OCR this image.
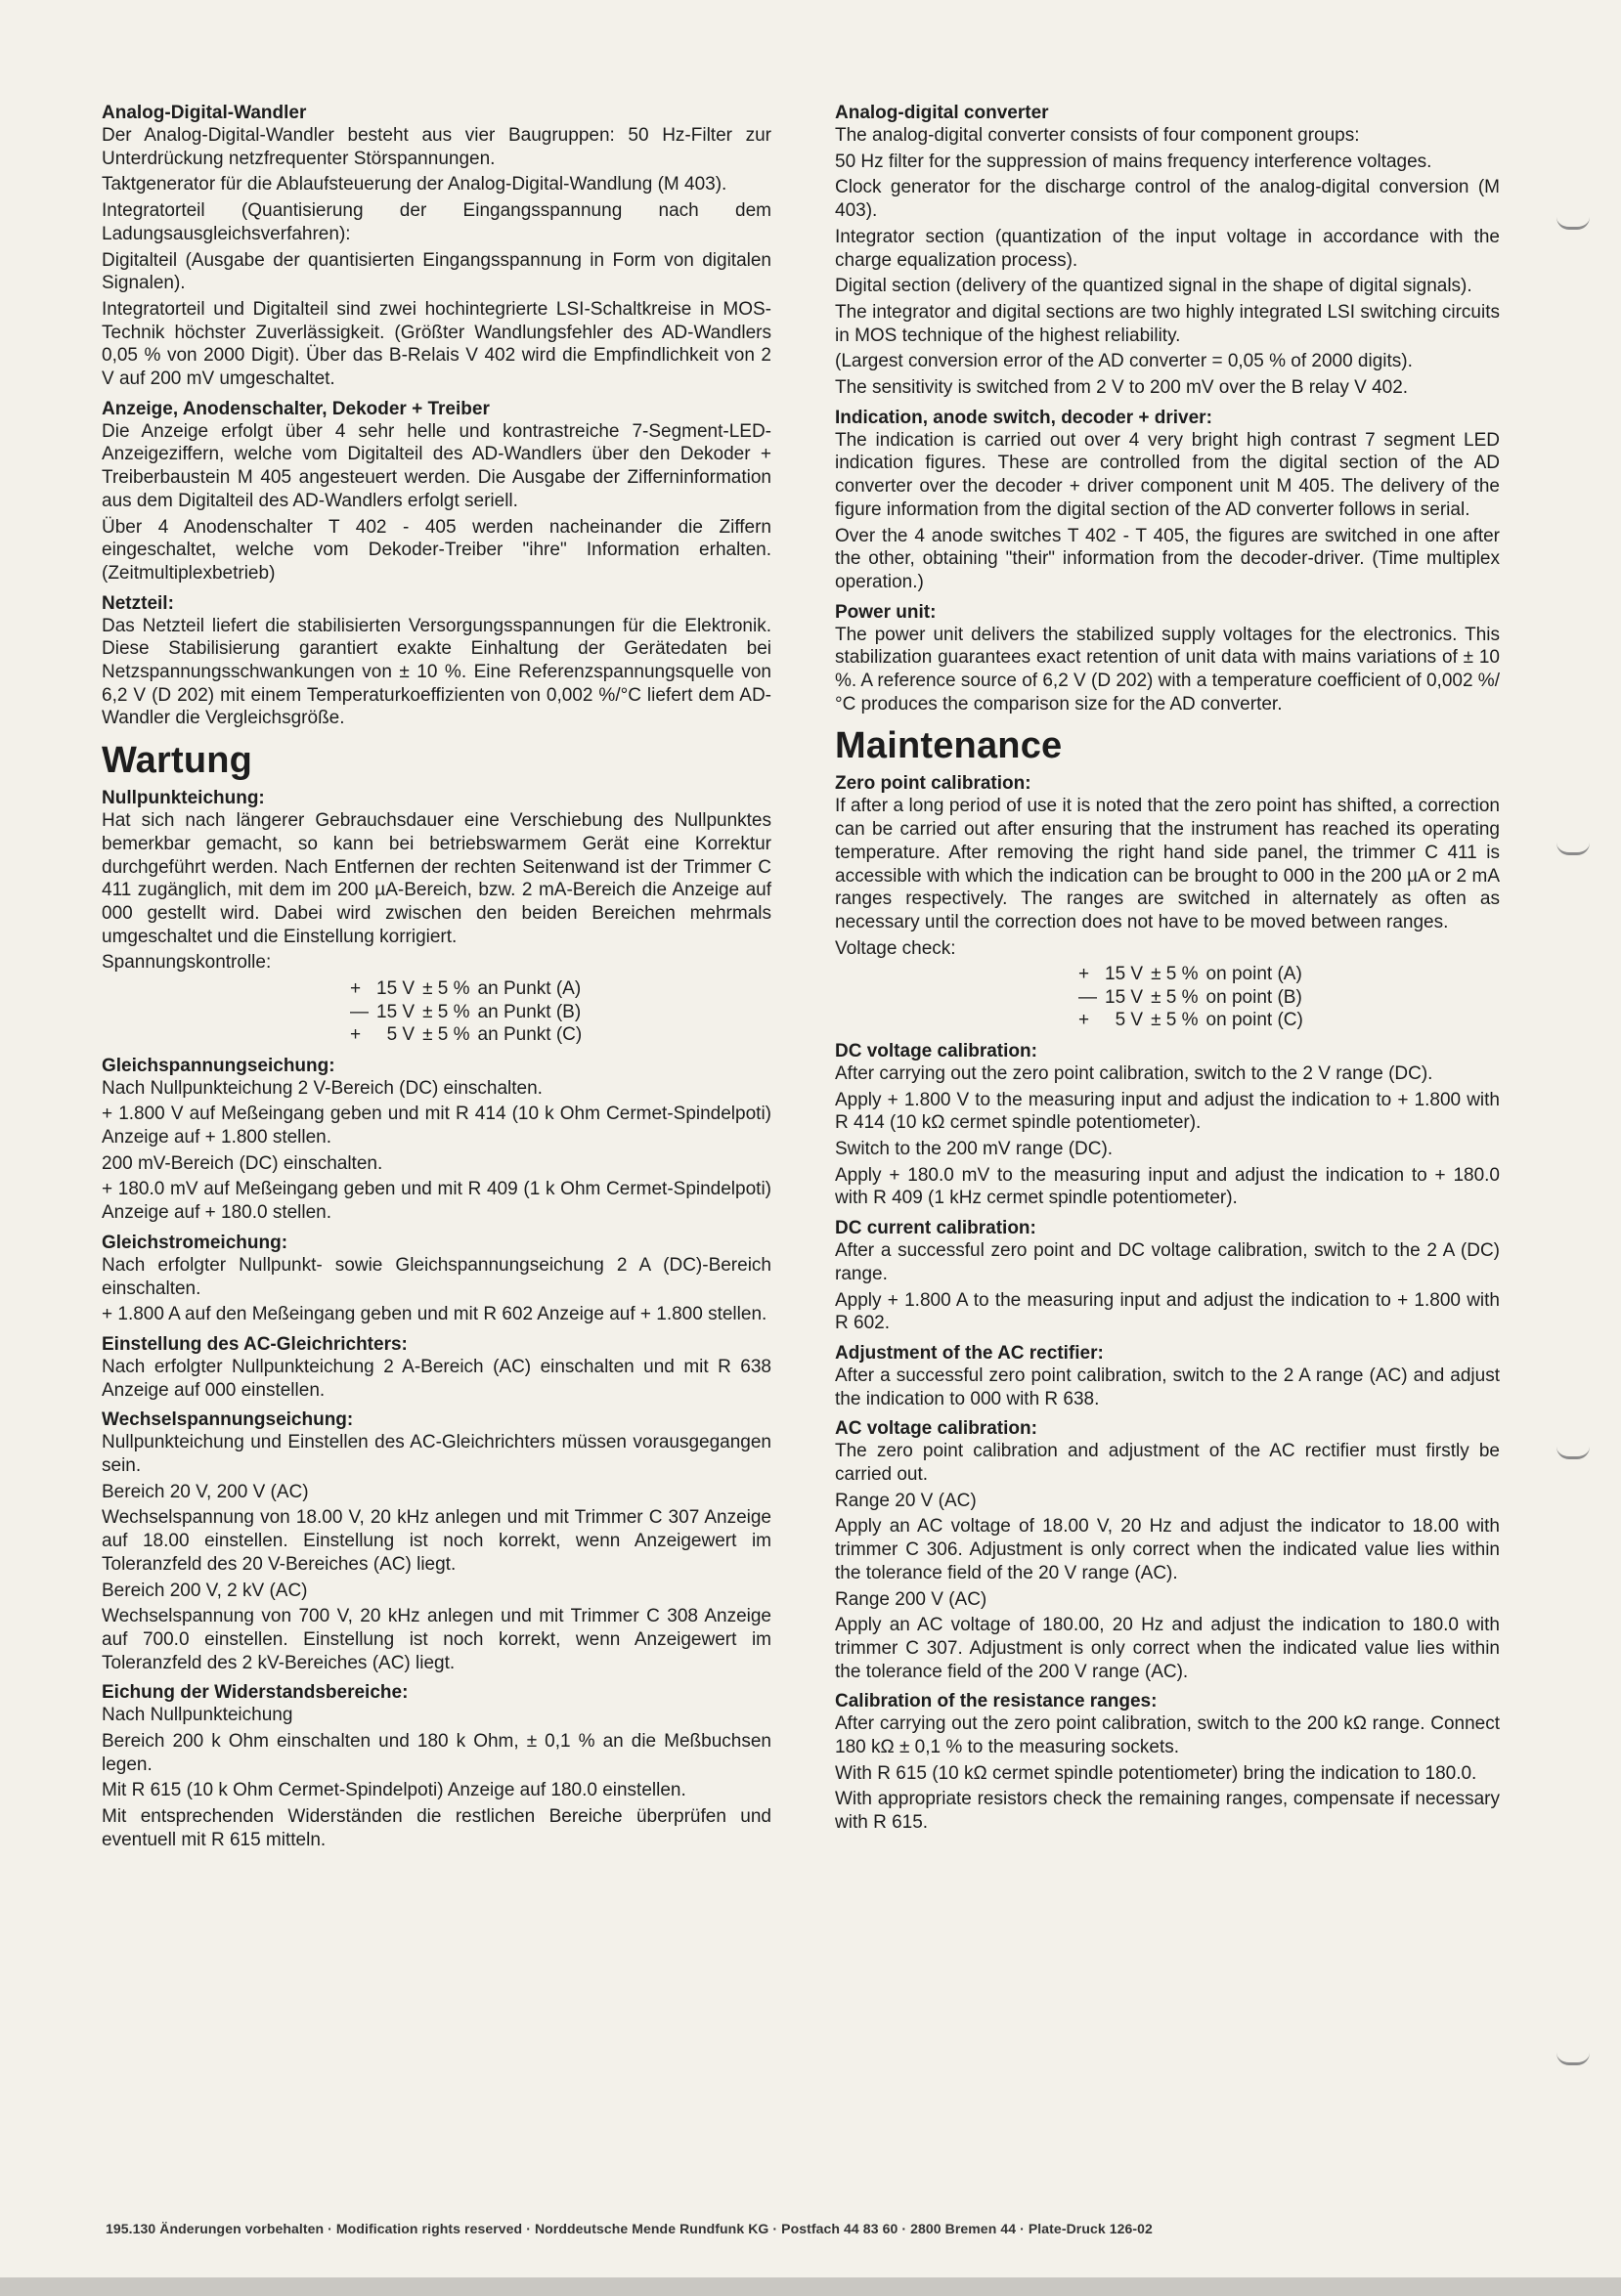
Analog-Digital-Wandler

Der Analog-Digital-Wandler besteht aus vier Baugruppen: 50 Hz-Filter zur Unterdrückung netzfrequenter Störspannungen.

Taktgenerator für die Ablaufsteuerung der Analog-Digital-Wandlung (M 403).

Integratorteil (Quantisierung der Eingangsspannung nach dem Ladungsausgleichsverfahren):

Digitalteil (Ausgabe der quantisierten Eingangsspannung in Form von digitalen Signalen).

Integratorteil und Digitalteil sind zwei hochintegrierte LSI-Schaltkreise in MOS-Technik höchster Zuverlässigkeit. (Größter Wandlungsfehler des AD-Wandlers 0,05 % von 2000 Digit). Über das B-Relais V 402 wird die Empfindlichkeit von 2 V auf 200 mV umgeschaltet.

Anzeige, Anodenschalter, Dekoder + Treiber

Die Anzeige erfolgt über 4 sehr helle und kontrastreiche 7-Segment-LED-Anzeigeziffern, welche vom Digitalteil des AD-Wandlers über den Dekoder + Treiberbaustein M 405 angesteuert werden. Die Ausgabe der Zifferninformation aus dem Digitalteil des AD-Wandlers erfolgt seriell.

Über 4 Anodenschalter T 402 - 405 werden nacheinander die Ziffern eingeschaltet, welche vom Dekoder-Treiber "ihre" Information erhalten. (Zeitmultiplexbetrieb)

Netzteil:

Das Netzteil liefert die stabilisierten Versorgungsspannungen für die Elektronik. Diese Stabilisierung garantiert exakte Einhaltung der Gerätedaten bei Netzspannungsschwankungen von ± 10 %. Eine Referenzspannungsquelle von 6,2 V (D 202) mit einem Temperaturkoeffizienten von 0,002 %/°C liefert dem AD-Wandler die Vergleichsgröße.

Wartung
Nullpunkteichung:

Hat sich nach längerer Gebrauchsdauer eine Verschiebung des Nullpunktes bemerkbar gemacht, so kann bei betriebswarmem Gerät eine Korrektur durchgeführt werden. Nach Entfernen der rechten Seitenwand ist der Trimmer C 411 zugänglich, mit dem im 200 µA-Bereich, bzw. 2 mA-Bereich die Anzeige auf 000 gestellt wird. Dabei wird zwischen den beiden Bereichen mehrmals umgeschaltet und die Einstellung korrigiert.

Spannungskontrolle:

+	15 V	± 5 %	an Punkt (A)
—	15 V	± 5 %	an Punkt (B)
+	5 V	± 5 %	an Punkt (C)
Gleichspannungseichung:

Nach Nullpunkteichung 2 V-Bereich (DC) einschalten.

+ 1.800 V auf Meßeingang geben und mit R 414 (10 k Ohm Cermet-Spindelpoti) Anzeige auf + 1.800 stellen.

200 mV-Bereich (DC) einschalten.

+ 180.0 mV auf Meßeingang geben und mit R 409 (1 k Ohm Cermet-Spindelpoti) Anzeige auf + 180.0 stellen.

Gleichstromeichung:

Nach erfolgter Nullpunkt- sowie Gleichspannungseichung 2 A (DC)-Bereich einschalten.

+ 1.800 A auf den Meßeingang geben und mit R 602 Anzeige auf + 1.800 stellen.

Einstellung des AC-Gleichrichters:

Nach erfolgter Nullpunkteichung 2 A-Bereich (AC) einschalten und mit R 638 Anzeige auf 000 einstellen.

Wechselspannungseichung:

Nullpunkteichung und Einstellen des AC-Gleichrichters müssen vorausgegangen sein.

Bereich 20 V, 200 V (AC)

Wechselspannung von 18.00 V, 20 kHz anlegen und mit Trimmer C 307 Anzeige auf 18.00 einstellen. Einstellung ist noch korrekt, wenn Anzeigewert im Toleranzfeld des 20 V-Bereiches (AC) liegt.

Bereich 200 V, 2 kV (AC)

Wechselspannung von 700 V, 20 kHz anlegen und mit Trimmer C 308 Anzeige auf 700.0 einstellen. Einstellung ist noch korrekt, wenn Anzeigewert im Toleranzfeld des 2 kV-Bereiches (AC) liegt.

Eichung der Widerstandsbereiche:

Nach Nullpunkteichung

Bereich 200 k Ohm einschalten und 180 k Ohm, ± 0,1 % an die Meßbuchsen legen.

Mit R 615 (10 k Ohm Cermet-Spindelpoti) Anzeige auf 180.0 einstellen.

Mit entsprechenden Widerständen die restlichen Bereiche überprüfen und eventuell mit R 615 mitteln.

Analog-digital converter

The analog-digital converter consists of four component groups:

50 Hz filter for the suppression of mains frequency interference voltages.

Clock generator for the discharge control of the analog-digital conversion (M 403).

Integrator section (quantization of the input voltage in accordance with the charge equalization process).

Digital section (delivery of the quantized signal in the shape of digital signals).

The integrator and digital sections are two highly integrated LSI switching circuits in MOS technique of the highest reliability.

(Largest conversion error of the AD converter = 0,05 % of 2000 digits).

The sensitivity is switched from 2 V to 200 mV over the B relay V 402.

Indication, anode switch, decoder + driver:

The indication is carried out over 4 very bright high contrast 7 segment LED indication figures. These are controlled from the digital section of the AD converter over the decoder + driver component unit M 405. The delivery of the figure information from the digital section of the AD converter follows in serial.

Over the 4 anode switches T 402 - T 405, the figures are switched in one after the other, obtaining "their" information from the decoder-driver. (Time multiplex operation.)

Power unit:

The power unit delivers the stabilized supply voltages for the electronics. This stabilization guarantees exact retention of unit data with mains variations of ± 10 %. A reference source of 6,2 V (D 202) with a temperature coefficient of 0,002 %/°C produces the comparison size for the AD converter.

Maintenance
Zero point calibration:

If after a long period of use it is noted that the zero point has shifted, a correction can be carried out after ensuring that the instrument has reached its operating temperature. After removing the right hand side panel, the trimmer C 411 is accessible with which the indication can be brought to 000 in the 200 µA or 2 mA ranges respectively. The ranges are switched in alternately as often as necessary until the correction does not have to be moved between ranges.

Voltage check:

+	15 V	± 5 %	on point (A)
—	15 V	± 5 %	on point (B)
+	5 V	± 5 %	on point (C)
DC voltage calibration:

After carrying out the zero point calibration, switch to the 2 V range (DC).

Apply + 1.800 V to the measuring input and adjust the indication to + 1.800 with R 414 (10 kΩ cermet spindle potentiometer).

Switch to the 200 mV range (DC).

Apply + 180.0 mV to the measuring input and adjust the indication to + 180.0 with R 409 (1 kHz cermet spindle potentiometer).

DC current calibration:

After a successful zero point and DC voltage calibration, switch to the 2 A (DC) range.

Apply + 1.800 A to the measuring input and adjust the indication to + 1.800 with R 602.

Adjustment of the AC rectifier:

After a successful zero point calibration, switch to the 2 A range (AC) and adjust the indication to 000 with R 638.

AC voltage calibration:

The zero point calibration and adjustment of the AC rectifier must firstly be carried out.

Range 20 V (AC)

Apply an AC voltage of 18.00 V, 20 Hz and adjust the indicator to 18.00 with trimmer C 306. Adjustment is only correct when the indicated value lies within the tolerance field of the 20 V range (AC).

Range 200 V (AC)

Apply an AC voltage of 180.00, 20 Hz and adjust the indication to 180.0 with trimmer C 307. Adjustment is only correct when the indicated value lies within the tolerance field of the 200 V range (AC).

Calibration of the resistance ranges:

After carrying out the zero point calibration, switch to the 200 kΩ range. Connect 180 kΩ ± 0,1 % to the measuring sockets.

With R 615 (10 kΩ cermet spindle potentiometer) bring the indication to 180.0.

With appropriate resistors check the remaining ranges, compensate if necessary with R 615.

195.130 Änderungen vorbehalten · Modification rights reserved · Norddeutsche Mende Rundfunk KG · Postfach 44 83 60 · 2800 Bremen 44 · Plate-Druck 126-02
